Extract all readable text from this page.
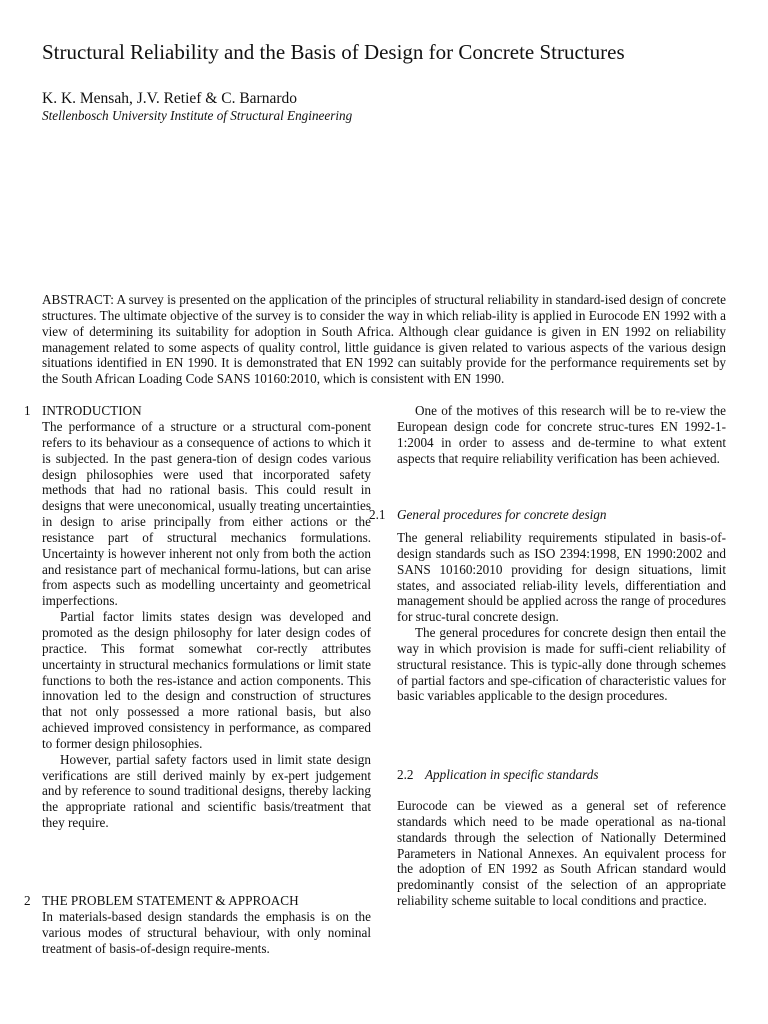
Structural Reliability and the Basis of Design for Concrete Structures
K. K. Mensah, J.V. Retief & C. Barnardo
Stellenbosch University Institute of Structural Engineering
ABSTRACT: A survey is presented on the application of the principles of structural reliability in standard-ised design of concrete structures. The ultimate objective of the survey is to consider the way in which reliab-ility is applied in Eurocode EN 1992 with a view of determining its suitability for adoption in South Africa. Although clear guidance is given in EN 1992 on reliability management related to some aspects of quality control, little guidance is given related to various aspects of the various design situations identified in EN 1990. It is demonstrated that EN 1992 can suitably provide for the performance requirements set by the South African Loading Code SANS 10160:2010, which is consistent with EN 1990.
1 INTRODUCTION

The performance of a structure or a structural com-ponent refers to its behaviour as a consequence of actions to which it is subjected. In the past genera-tion of design codes various design philosophies were used that incorporated safety methods that had no rational basis. This could result in designs that were uneconomical, usually treating uncertainties in design to arise principally from either actions or the resistance part of structural mechanics formulations. Uncertainty is however inherent not only from both the action and resistance part of mechanical formu-lations, but can arise from aspects such as modelling uncertainty and geometrical imperfections.

Partial factor limits states design was developed and promoted as the design philosophy for later design codes of practice. This format somewhat cor-rectly attributes uncertainty in structural mechanics formulations or limit state functions to both the res-istance and action components. This innovation led to the design and construction of structures that not only possessed a more rational basis, but also achieved improved consistency in performance, as compared to former design philosophies.

However, partial safety factors used in limit state design verifications are still derived mainly by ex-pert judgement and by reference to sound traditional designs, thereby lacking the appropriate rational and scientific basis/treatment that they require.

2 THE PROBLEM STATEMENT & APPROACH

In materials-based design standards the emphasis is on the various modes of structural behaviour, with only nominal treatment of basis-of-design require-ments.

One of the motives of this research will be to re-view the European design code for concrete struc-tures EN 1992-1-1:2004 in order to assess and de-termine to what extent aspects that require reliability verification has been achieved.

2.1 General procedures for concrete design

The general reliability requirements stipulated in basis-of-design standards such as ISO 2394:1998, EN 1990:2002 and SANS 10160:2010 providing for design situations, limit states, and associated reliab-ility levels, differentiation and management should be applied across the range of procedures for struc-tural concrete design.

The general procedures for concrete design then entail the way in which provision is made for suffi-cient reliability of structural resistance. This is typic-ally done through schemes of partial factors and spe-cification of characteristic values for basic variables applicable to the design procedures.

2.2 Application in specific standards

Eurocode can be viewed as a general set of reference standards which need to be made operational as na-tional standards through the selection of Nationally Determined Parameters in National Annexes. An equivalent process for the adoption of EN 1992 as South African standard would predominantly consist of the selection of an appropriate reliability scheme suitable to local conditions and practice.
